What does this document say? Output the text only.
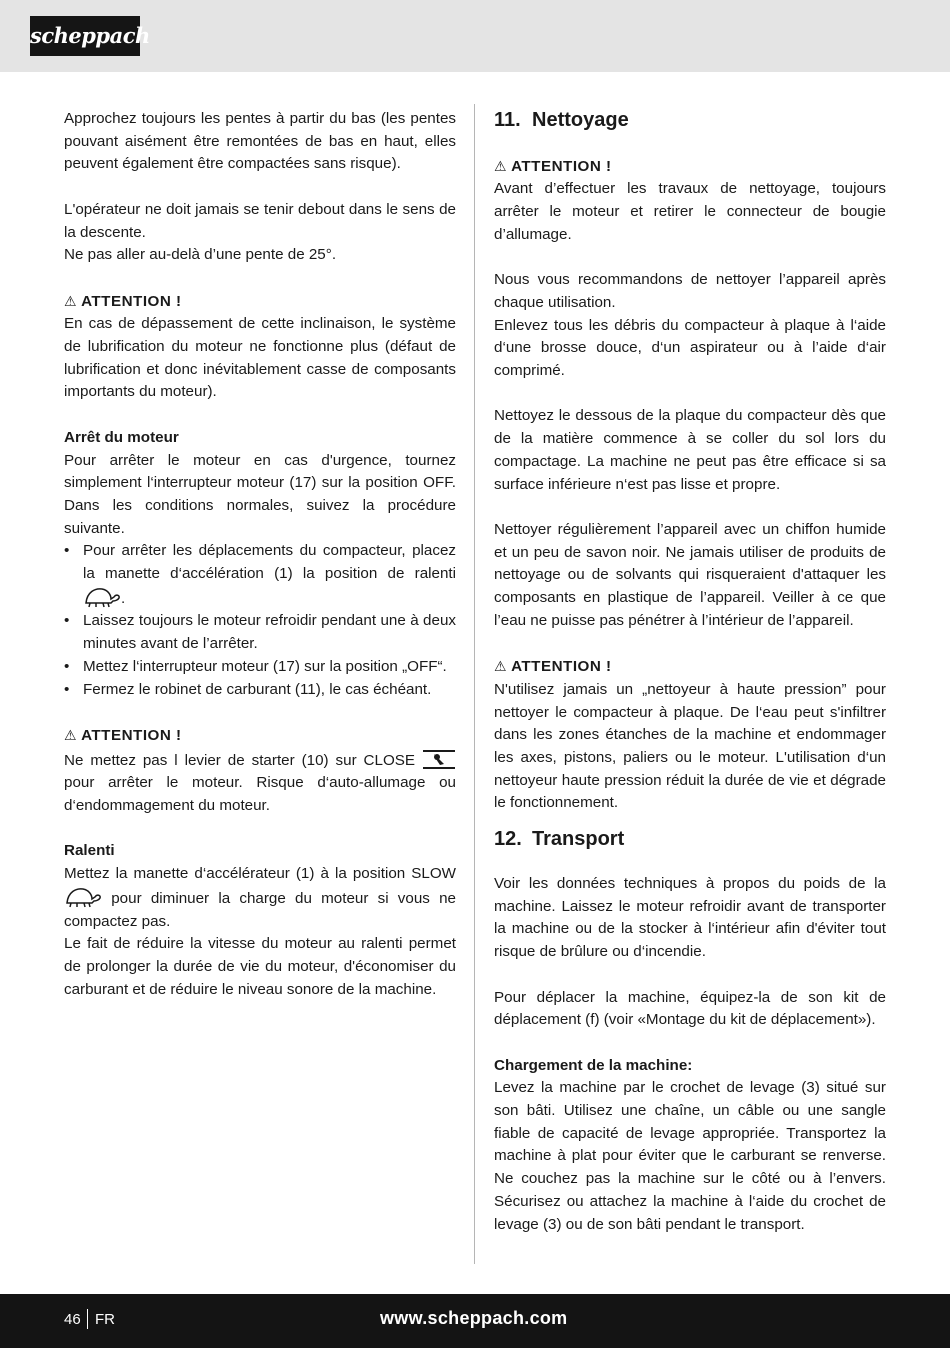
scheppach

Approchez toujours les pentes à partir du bas (les pentes pouvant aisément être remontées de bas en haut, elles peuvent également être compactées sans risque).

L'opérateur ne doit jamais se tenir debout dans le sens de la descente.

Ne pas aller au-delà d’une pente de 25°.

⚠ ATTENTION !

En cas de dépassement de cette inclinaison, le système de lubrification du moteur ne fonctionne plus (défaut de lubrification et donc inévitablement casse de composants importants du moteur).

Arrêt du moteur

Pour arrêter le moteur en cas d'urgence, tournez simplement l‘interrupteur moteur (17) sur la position OFF. Dans les conditions normales, suivez la procédure suivante.

• Pour arrêter les déplacements du compacteur, placez la manette d‘accélération (1) la position de ralenti .
• Laissez toujours le moteur refroidir pendant une à deux minutes avant de l’arrêter.
• Mettez l‘interrupteur moteur (17) sur la position „OFF“.
• Fermez le robinet de carburant (11), le cas échéant.

⚠ ATTENTION !

Ne mettez pas l levier de starter (10) sur CLOSE  pour arrêter le moteur. Risque d‘auto-allumage ou d‘endommagement du moteur.

Ralenti

Mettez la manette d‘accélérateur (1) à la position SLOW  pour diminuer la charge du moteur si vous ne compactez pas.

Le fait de réduire la vitesse du moteur au ralenti permet de prolonger la durée de vie du moteur, d'économiser du carburant et de réduire le niveau sonore de la machine.

11. Nettoyage

⚠ ATTENTION !

Avant d’effectuer les travaux de nettoyage, toujours arrêter le moteur et retirer le connecteur de bougie d’allumage.

Nous vous recommandons de nettoyer l’appareil après chaque utilisation.

Enlevez tous les débris du compacteur à plaque à l‘aide d‘une brosse douce, d‘un aspirateur ou à l’aide d‘air comprimé.

Nettoyez le dessous de la plaque du compacteur dès que de la matière commence à se coller du sol lors du compactage. La machine ne peut pas être efficace si sa surface inférieure n‘est pas lisse et propre.

Nettoyer régulièrement l’appareil avec un chiffon humide et un peu de savon noir. Ne jamais utiliser de produits de nettoyage ou de solvants qui risqueraient d'attaquer les composants en plastique de l’appareil. Veiller à ce que l’eau ne puisse pas pénétrer à l’intérieur de l’appareil.

⚠ ATTENTION !

N'utilisez jamais un „nettoyeur à haute pression” pour nettoyer le compacteur à plaque. De l‘eau peut s'infiltrer dans les zones étanches de la machine et endommager les axes, pistons, paliers ou le moteur. L'utilisation d‘un nettoyeur haute pression réduit la durée de vie et dégrade le fonctionnement.

12. Transport

Voir les données techniques à propos du poids de la machine. Laissez le moteur refroidir avant de transporter la machine ou de la stocker à l‘intérieur afin d'éviter tout risque de brûlure ou d‘incendie.

Pour déplacer la machine, équipez-la de son kit de déplacement (f) (voir «Montage du kit de déplacement»).

Chargement de la machine:

Levez la machine par le crochet de levage (3) situé sur son bâti. Utilisez une chaîne, un câble ou une sangle fiable de capacité de levage appropriée. Transportez la machine à plat pour éviter que le carburant se renverse. Ne couchez pas la machine sur le côté ou à l’envers. Sécurisez ou attachez la machine à l‘aide du crochet de levage (3) ou de son bâti pendant le transport.

46 FR	www.scheppach.com
